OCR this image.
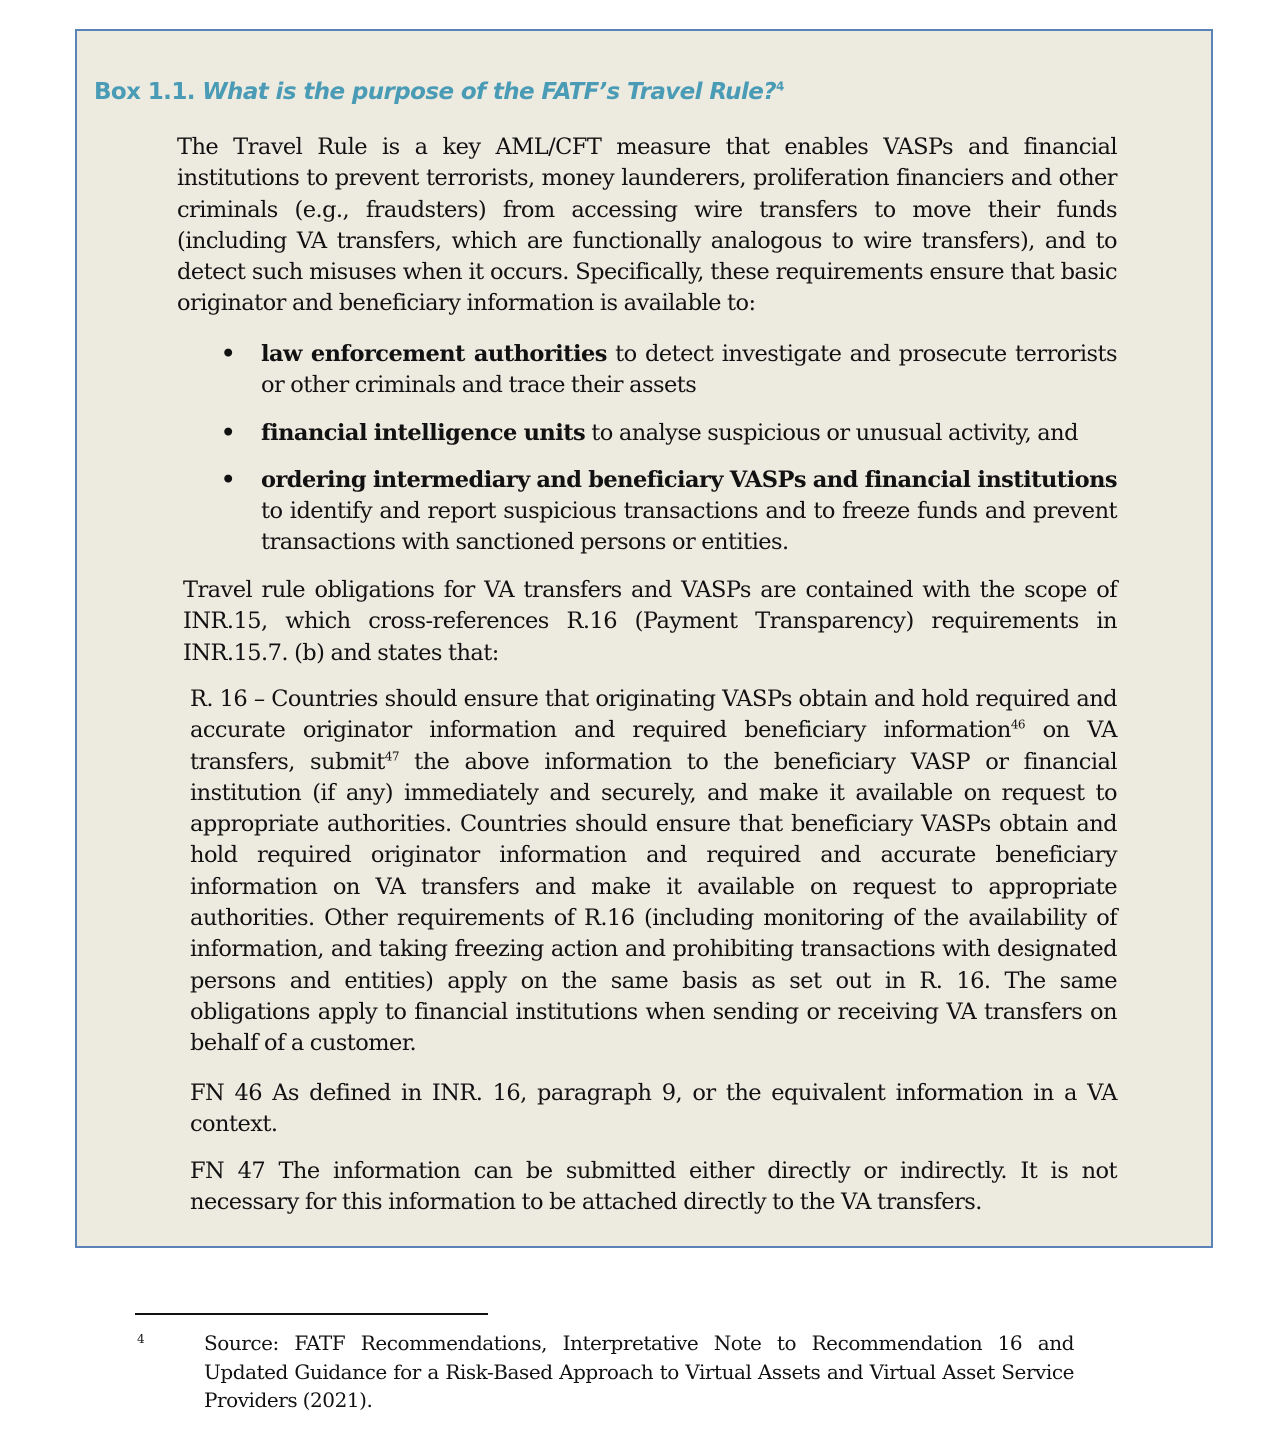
Box 1.1. What is the purpose of the FATF’s Travel Rule?$^4$
The Travel Rule is a key AML/CFT measure that enables VASPs and financial institutions to prevent terrorists, money launderers, proliferation financiers and other criminals (e.g., fraudsters) from accessing wire transfers to move their funds (including VA transfers, which are functionally analogous to wire transfers), and to detect such misuses when it occurs. Specifically, these requirements ensure that basic originator and beneficiary information is available to:
• law enforcement authorities to detect investigate and prosecute terrorists or other criminals and trace their assets
• financial intelligence units to analyse suspicious or unusual activity, and
• ordering intermediary and beneficiary VASPs and financial institutions to identify and report suspicious transactions and to freeze funds and prevent transactions with sanctioned persons or entities.
Travel rule obligations for VA transfers and VASPs are contained with the scope of INR.15, which cross-references R.16 (Payment Transparency) requirements in INR.15.7. (b) and states that:
R. 16 – Countries should ensure that originating VASPs obtain and hold required and accurate originator information and required beneficiary information$^{46}$ on VA transfers, submit$^{47}$ the above information to the beneficiary VASP or financial institution (if any) immediately and securely, and make it available on request to appropriate authorities. Countries should ensure that beneficiary VASPs obtain and hold required originator information and required and accurate beneficiary information on VA transfers and make it available on request to appropriate authorities. Other requirements of R.16 (including monitoring of the availability of information, and taking freezing action and prohibiting transactions with designated persons and entities) apply on the same basis as set out in R. 16. The same obligations apply to financial institutions when sending or receiving VA transfers on behalf of a customer.
FN 46 As defined in INR. 16, paragraph 9, or the equivalent information in a VA context.
FN 47 The information can be submitted either directly or indirectly. It is not necessary for this information to be attached directly to the VA transfers.
4	Source: FATF Recommendations, Interpretative Note to Recommendation 16 and Updated Guidance for a Risk-Based Approach to Virtual Assets and Virtual Asset Service Providers (2021).
